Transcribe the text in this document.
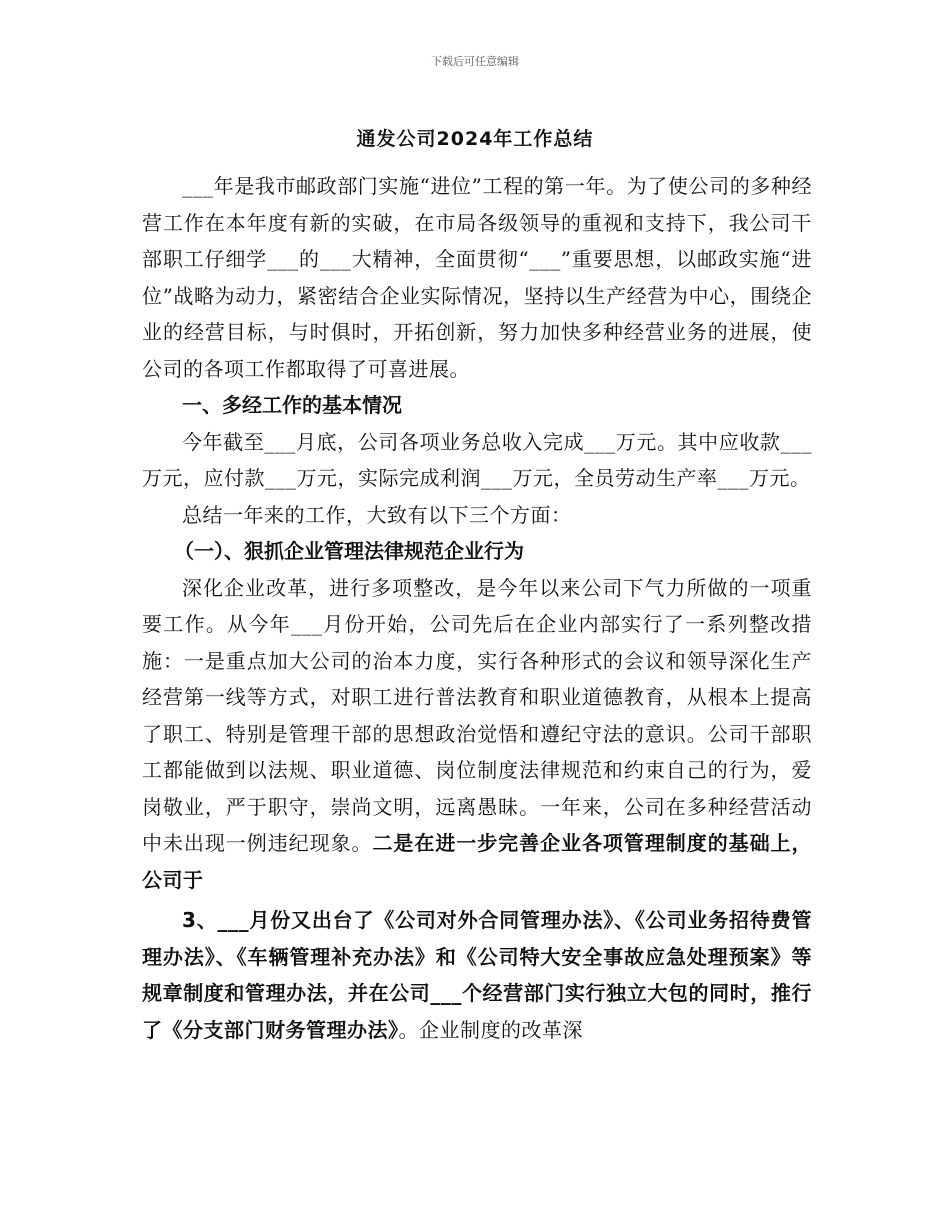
下载后可任意编辑
通发公司2024年工作总结

___年是我市邮政部门实施“进位”工程的第一年。为了使公司的多种经营工作在本年度有新的实破，在市局各级领导的重视和支持下，我公司干部职工仔细学___的___大精神，全面贯彻“___”重要思想，以邮政实施“进位”战略为动力，紧密结合企业实际情况，坚持以生产经营为中心，围绕企业的经营目标，与时俱时，开拓创新，努力加快多种经营业务的进展，使公司的各项工作都取得了可喜进展。

一、多经工作的基本情况

今年截至___月底，公司各项业务总收入完成___万元。其中应收款___万元，应付款___万元，实际完成利润___万元，全员劳动生产率___万元。

总结一年来的工作，大致有以下三个方面：

（一）、狠抓企业管理法律规范企业行为

深化企业改革，进行多项整改，是今年以来公司下气力所做的一项重要工作。从今年___月份开始，公司先后在企业内部实行了一系列整改措施：一是重点加大公司的治本力度，实行各种形式的会议和领导深化生产经营第一线等方式，对职工进行普法教育和职业道德教育，从根本上提高了职工、特别是管理干部的思想政治觉悟和遵纪守法的意识。公司干部职工都能做到以法规、职业道德、岗位制度法律规范和约束自己的行为，爱岗敬业，严于职守，崇尚文明，远离愚昧。一年来，公司在多种经营活动中未出现一例违纪现象。二是在进一步完善企业各项管理制度的基础上，公司于

3、___月份又出台了《公司对外合同管理办法》、《公司业务招待费管理办法》、《车辆管理补充办法》和《公司特大安全事故应急处理预案》等规章制度和管理办法，并在公司___个经营部门实行独立大包的同时，推行了《分支部门财务管理办法》。企业制度的改革深
